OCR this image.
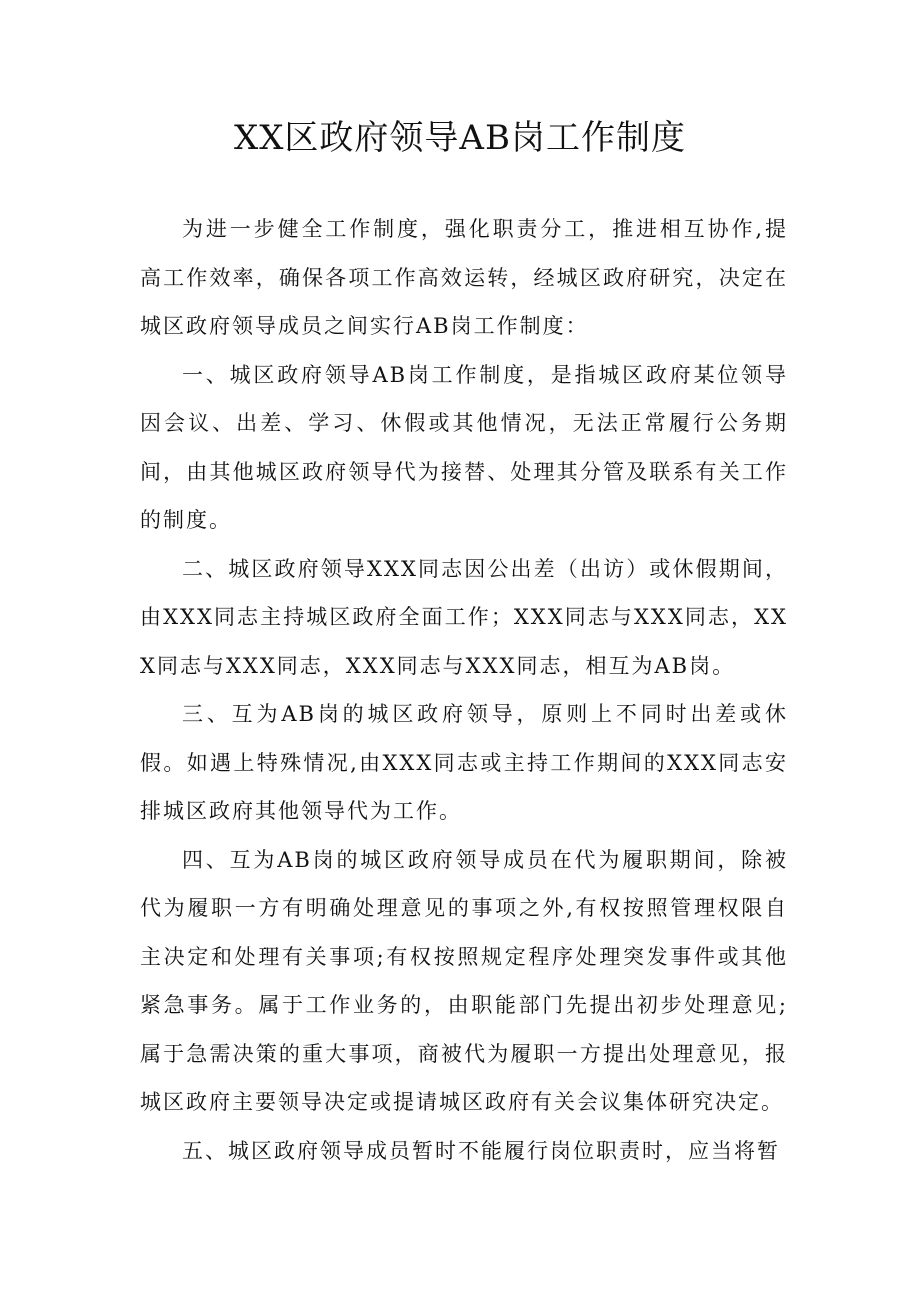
XX区政府领导AB岗工作制度

为进一步健全工作制度，强化职责分工，推进相互协作,提高工作效率，确保各项工作高效运转，经城区政府研究，决定在城区政府领导成员之间实行AB岗工作制度：

一、城区政府领导AB岗工作制度，是指城区政府某位领导因会议、出差、学习、休假或其他情况，无法正常履行公务期间，由其他城区政府领导代为接替、处理其分管及联系有关工作的制度。

二、城区政府领导XXX同志因公出差（出访）或休假期间，由XXX同志主持城区政府全面工作；XXX同志与XXX同志，XXX同志与XXX同志，XXX同志与XXX同志，相互为AB岗。

三、互为AB岗的城区政府领导，原则上不同时出差或休假。如遇上特殊情况,由XXX同志或主持工作期间的XXX同志安排城区政府其他领导代为工作。

四、互为AB岗的城区政府领导成员在代为履职期间，除被代为履职一方有明确处理意见的事项之外,有权按照管理权限自主决定和处理有关事项;有权按照规定程序处理突发事件或其他紧急事务。属于工作业务的，由职能部门先提出初步处理意见;属于急需决策的重大事项，商被代为履职一方提出处理意见，报城区政府主要领导决定或提请城区政府有关会议集体研究决定。

五、城区政府领导成员暂时不能履行岗位职责时，应当将暂
